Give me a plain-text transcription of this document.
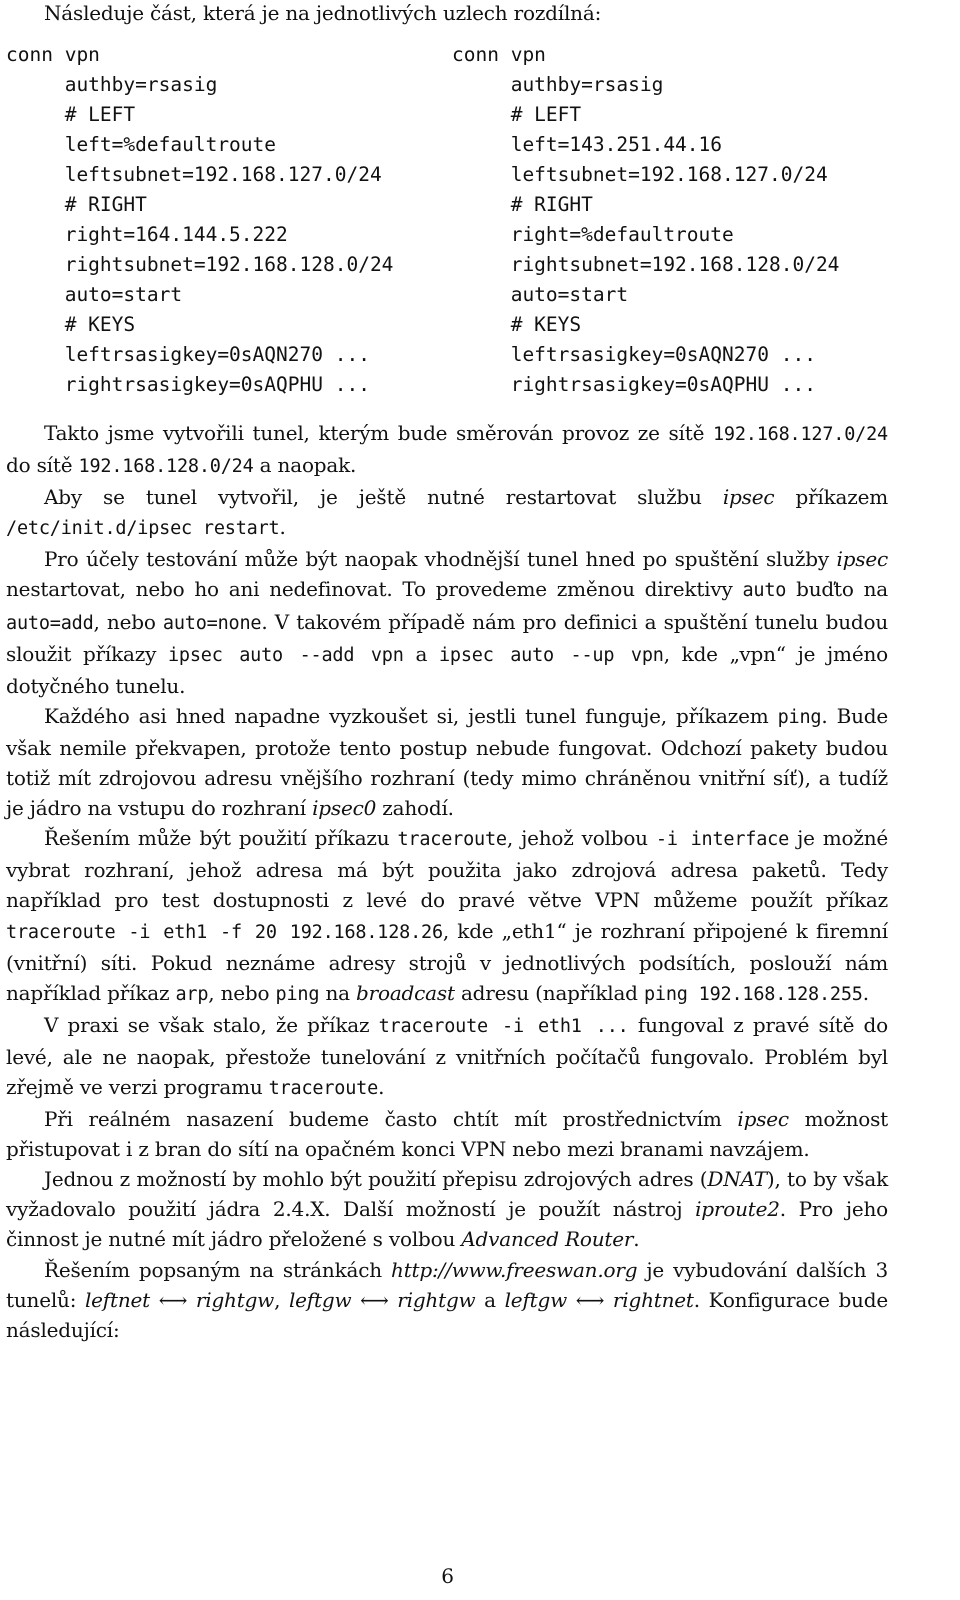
Následuje část, která je na jednotlivých uzlech rozdílná:
conn vpn
authby=rsasig
# LEFT
left=%defaultroute
leftsubnet=192.168.127.0/24
# RIGHT
right=164.144.5.222
rightsubnet=192.168.128.0/24
auto=start
# KEYS
leftrsasigkey=0sAQN270 ...
rightrsasigkey=0sAQPHU ...
conn vpn
authby=rsasig
# LEFT
left=143.251.44.16
leftsubnet=192.168.127.0/24
# RIGHT
right=%defaultroute
rightsubnet=192.168.128.0/24
auto=start
# KEYS
leftrsasigkey=0sAQN270 ...
rightrsasigkey=0sAQPHU ...

Takto jsme vytvořili tunel, kterým bude směrován provoz ze sítě 192.168.127.0/24 do sítě 192.168.128.0/24 a naopak.

Aby se tunel vytvořil, je ještě nutné restartovat službu ipsec příkazem /etc/init.d/ipsec restart.

Pro účely testování může být naopak vhodnější tunel hned po spuštění služby ipsec nestartovat, nebo ho ani nedefinovat. To provedeme změnou direktivy auto buďto na auto=add, nebo auto=none. V takovém případě nám pro definici a spuštění tunelu budou sloužit příkazy ipsec auto --add vpn a ipsec auto --up vpn, kde „vpn“ je jméno dotyčného tunelu.

Každého asi hned napadne vyzkoušet si, jestli tunel funguje, příkazem ping. Bude však nemile překvapen, protože tento postup nebude fungovat. Odchozí pakety budou totiž mít zdrojovou adresu vnějšího rozhraní (tedy mimo chráněnou vnitřní síť), a tudíž je jádro na vstupu do rozhraní ipsec0 zahodí.

Řešením může být použití příkazu traceroute, jehož volbou -i interface je možné vybrat rozhraní, jehož adresa má být použita jako zdrojová adresa paketů. Tedy například pro test dostupnosti z levé do pravé větve VPN můžeme použít příkaz traceroute -i eth1 -f 20 192.168.128.26, kde „eth1“ je rozhraní připojené k firemní (vnitřní) síti. Pokud neznáme adresy strojů v jednotlivých podsítích, poslouží nám například příkaz arp, nebo ping na broadcast adresu (například ping 192.168.128.255.

V praxi se však stalo, že příkaz traceroute -i eth1 ... fungoval z pravé sítě do levé, ale ne naopak, přestože tunelování z vnitřních počítačů fungovalo. Problém byl zřejmě ve verzi programu traceroute.

Při reálném nasazení budeme často chtít mít prostřednictvím ipsec možnost přistupovat i z bran do sítí na opačném konci VPN nebo mezi branami navzájem.

Jednou z možností by mohlo být použití přepisu zdrojových adres (DNAT), to by však vyžadovalo použití jádra 2.4.X. Další možností je použít nástroj iproute2. Pro jeho činnost je nutné mít jádro přeložené s volbou Advanced Router.

Řešením popsaným na stránkách http://www.freeswan.org je vybudování dalších 3 tunelů: leftnet ⟷ rightgw, leftgw ⟷ rightgw a leftgw ⟷ rightnet. Konfigurace bude následující:

6
